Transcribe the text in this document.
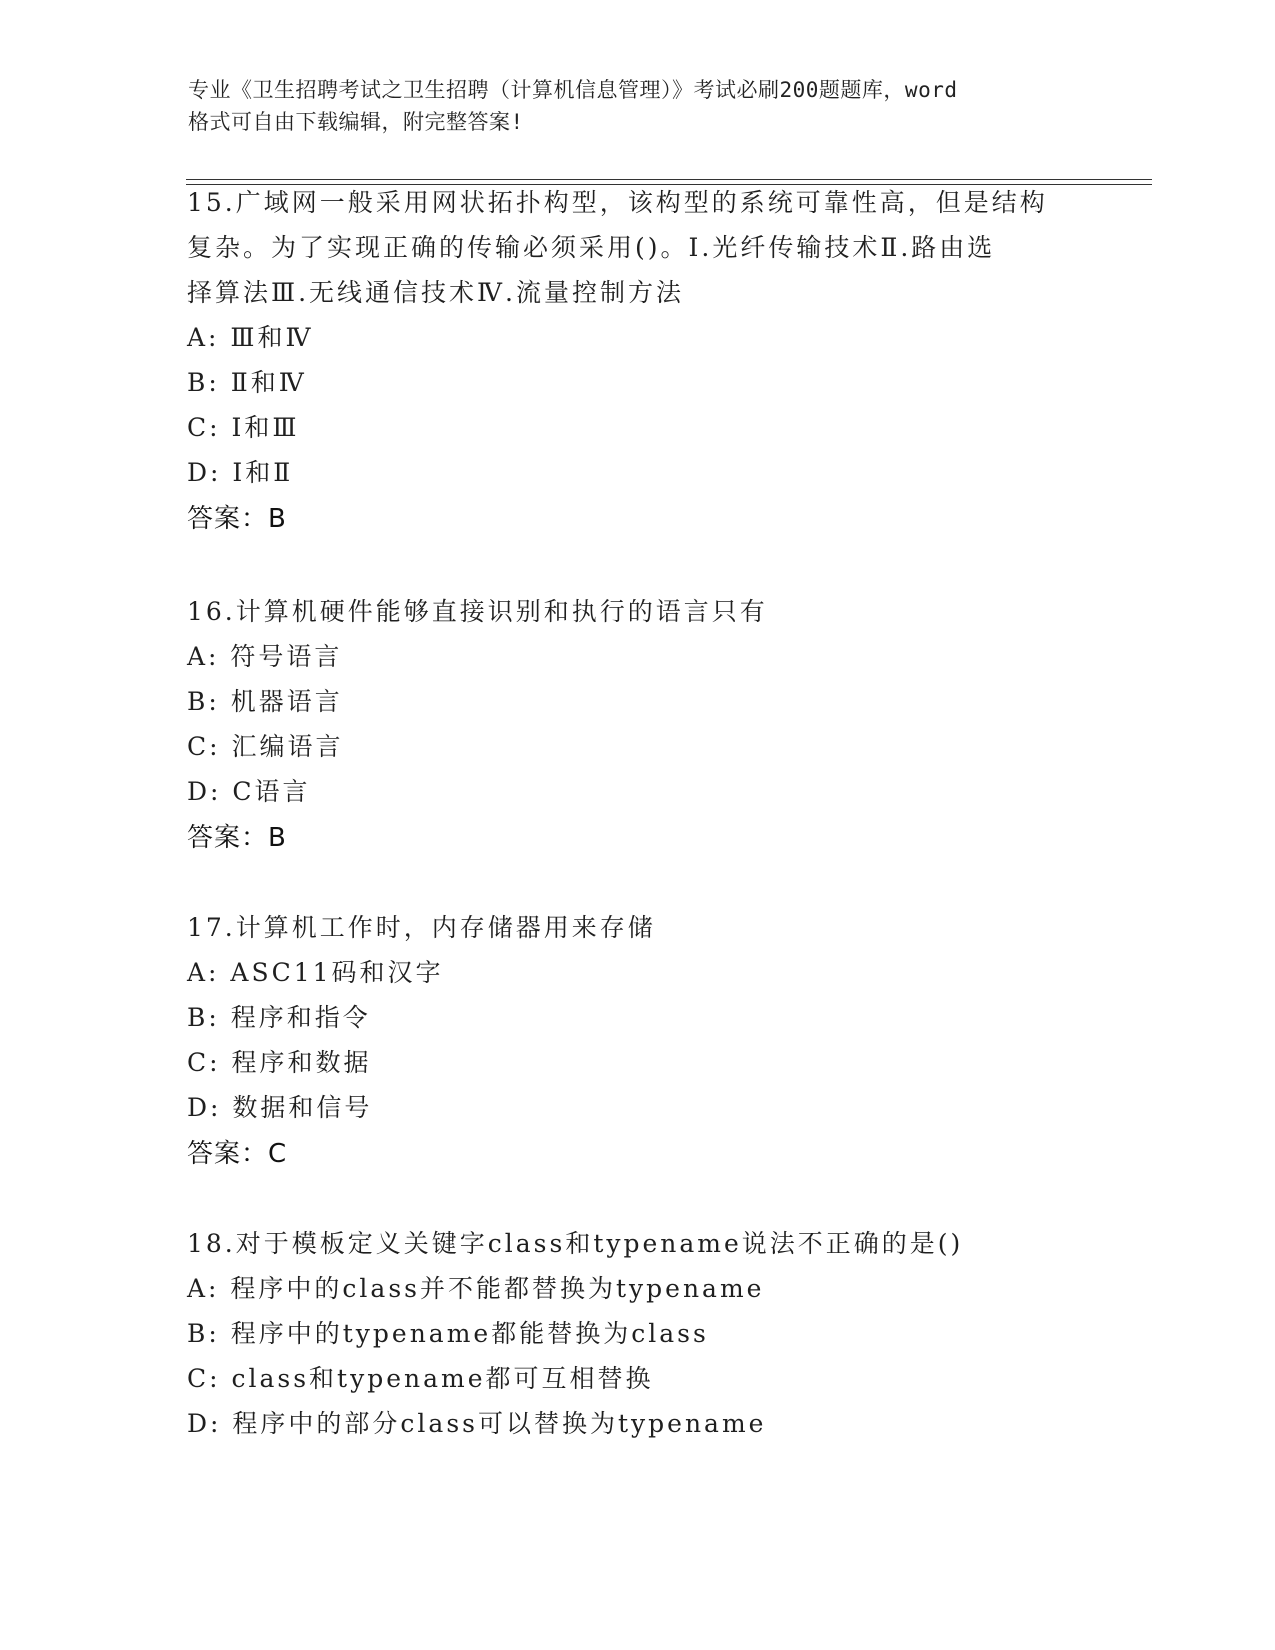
专业《卫生招聘考试之卫生招聘（计算机信息管理）》考试必刷200题题库，word
格式可自由下载编辑，附完整答案!
15.广域网一般采用网状拓扑构型，该构型的系统可靠性高，但是结构
复杂。为了实现正确的传输必须采用()。Ⅰ.光纤传输技术Ⅱ.路由选
择算法Ⅲ.无线通信技术Ⅳ.流量控制方法
A: Ⅲ和Ⅳ
B: Ⅱ和Ⅳ
C: Ⅰ和Ⅲ
D: Ⅰ和Ⅱ
答案：B
16.计算机硬件能够直接识别和执行的语言只有
A: 符号语言
B: 机器语言
C: 汇编语言
D: C语言
答案：B
17.计算机工作时，内存储器用来存储
A: ASC11码和汉字
B: 程序和指令
C: 程序和数据
D: 数据和信号
答案：C
18.对于模板定义关键字class和typename说法不正确的是()
A: 程序中的class并不能都替换为typename
B: 程序中的typename都能替换为class
C: class和typename都可互相替换
D: 程序中的部分class可以替换为typename
